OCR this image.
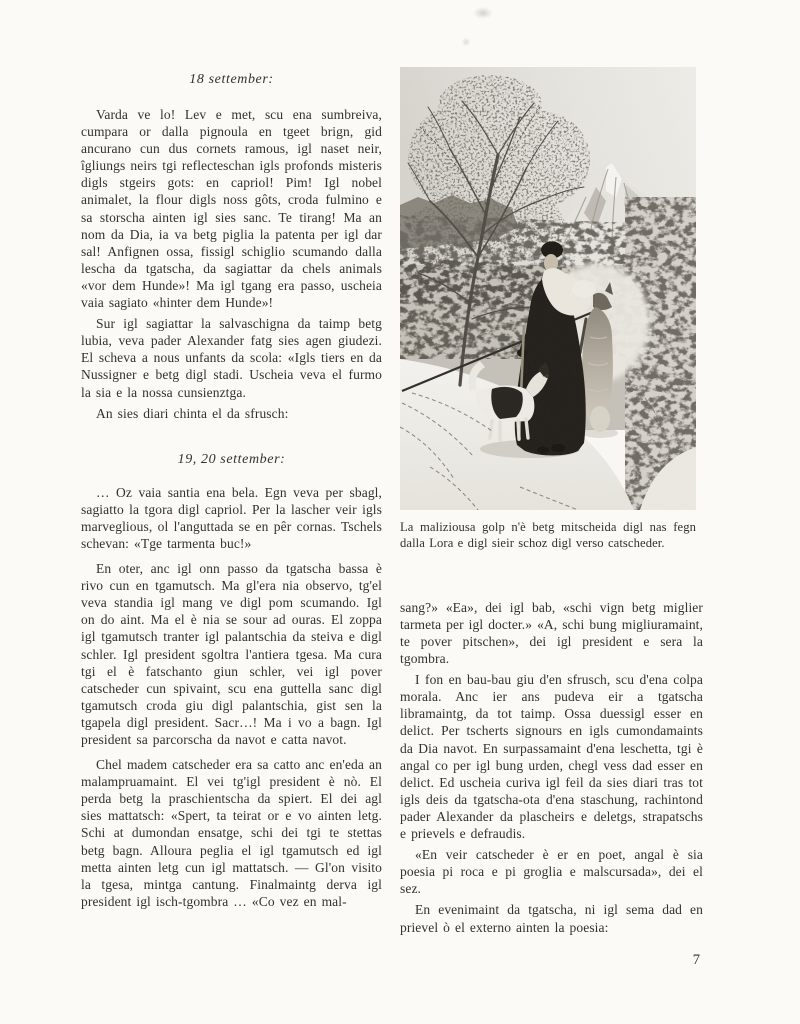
18 settember:

Varda ve lo! Lev e met, scu ena sumbreiva, cumpara or dalla pignoula en tgeet brign, gid ancurano cun dus cornets ramous, igl naset neir, îgliungs neirs tgi reflecteschan igls profonds misteris digls stgeirs gots: en capriol! Pim! Igl nobel animalet, la flour digls noss gôts, croda fulmino e sa storscha ainten igl sies sanc. Te tirang! Ma an nom da Dia, ia va betg piglia la patenta per igl dar sal! Anfignen ossa, fissigl schiglio scumando dalla lescha da tgatscha, da sagiattar da chels animals «vor dem Hunde»! Ma igl tgang era passo, uscheia vaia sagiato «hinter dem Hunde»!

Sur igl sagiattar la salvaschigna da taimp betg lubia, veva pader Alexander fatg sies agen giudezi. El scheva a nous unfants da scola: «Igls tiers en da Nussigner e betg digl stadi. Uscheia veva el furmo la sia e la nossa cunsienztga.

An sies diari chinta el da sfrusch:

19, 20 settember:

… Oz vaia santia ena bela. Egn veva per sbagl, sagiatto la tgora digl capriol. Per la lascher veir igls marveglious, ol l'anguttada se en pêr cornas. Tschels schevan: «Tge tarmenta buc!»

En oter, anc igl onn passo da tgatscha bassa è rivo cun en tgamutsch. Ma gl'era nia observo, tg'el veva standia igl mang ve digl pom scumando. Igl on do aint. Ma el è nia se sour ad ouras. El zoppa igl tgamutsch tranter igl palantschia da steiva e digl schler. Igl president sgoltra l'antiera tgesa. Ma cura tgi el è fatschanto giun schler, vei igl pover catscheder cun spivaint, scu ena guttella sanc digl tgamutsch croda giu digl palantschia, gist sen la tgapela digl president. Sacr…! Ma i vo a bagn. Igl president sa parcorscha da navot e catta navot.

Chel madem catscheder era sa catto anc en'eda an malampruamaint. El vei tg'igl president è nò. El perda betg la praschientscha da spiert. El dei agl sies mattatsch: «Spert, ta teirat or e vo ainten letg. Schi at dumondan ensatge, schi dei tgi te stettas betg bagn. Alloura peglia el igl tgamutsch ed igl metta ainten letg cun igl mattatsch. — Gl'on visito la tgesa, mintga cantung. Finalmaintg derva igl president igl isch-tgombra … «Co vez en mal-

La maliziousa golp n'è betg mitscheida digl nas fegn dalla Lora e digl sieir schoz digl verso catscheder.

sang?» «Ea», dei igl bab, «schi vign betg miglier tarmeta per igl docter.» «A, schi bung migliuramaint, te pover pitschen», dei igl president e sera la tgombra.

I fon en bau-bau giu d'en sfrusch, scu d'ena colpa morala. Anc ier ans pudeva eir a tgatscha libramaintg, da tot taimp. Ossa duessigl esser en delict. Per tscherts signours en igls cumondamaints da Dia navot. En surpassamaint d'ena leschetta, tgi è angal co per igl bung urden, chegl vess dad esser en delict. Ed uscheia curiva igl feil da sies diari tras tot igls deis da tgatscha-ota d'ena staschung, rachintond pader Alexander da plascheirs e deletgs, strapatschs e prievels e defraudis.

«En veir catscheder è er en poet, angal è sia poesia pi roca e pi groglia e malscursada», dei el sez.

En evenimaint da tgatscha, ni igl sema dad en prievel ò el externo ainten la poesia:

7
